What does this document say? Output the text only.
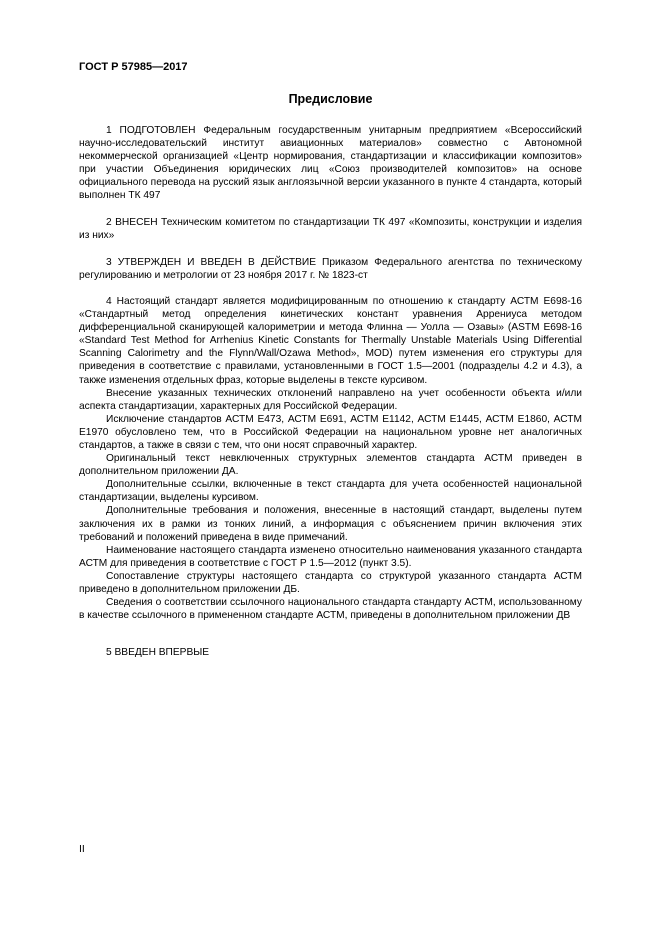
ГОСТ Р 57985—2017
Предисловие

1 ПОДГОТОВЛЕН Федеральным государственным унитарным предприятием «Всероссийский научно-исследовательский институт авиационных материалов» совместно с Автономной некоммерческой организацией «Центр нормирования, стандартизации и классификации композитов» при участии Объединения юридических лиц «Союз производителей композитов» на основе официального перевода на русский язык англоязычной версии указанного в пункте 4 стандарта, который выполнен ТК 497

2 ВНЕСЕН Техническим комитетом по стандартизации ТК 497 «Композиты, конструкции и изделия из них»

3 УТВЕРЖДЕН И ВВЕДЕН В ДЕЙСТВИЕ Приказом Федерального агентства по техническому регулированию и метрологии от 23 ноября 2017 г. № 1823-ст

4 Настоящий стандарт является модифицированным по отношению к стандарту АСТМ Е698-16 «Стандартный метод определения кинетических констант уравнения Аррениуса методом дифференциальной сканирующей калориметрии и метода Флинна — Уолла — Озавы» (ASTM E698-16 «Standard Test Method for Arrhenius Kinetic Constants for Thermally Unstable Materials Using Differential Scanning Calorimetry and the Flynn/Wall/Ozawa Method», MOD) путем изменения его структуры для приведения в соответствие с правилами, установленными в ГОСТ 1.5—2001 (подразделы 4.2 и 4.3), а также изменения отдельных фраз, которые выделены в тексте курсивом.

Внесение указанных технических отклонений направлено на учет особенности объекта и/или аспекта стандартизации, характерных для Российской Федерации.

Исключение стандартов АСТМ Е473, АСТМ Е691, АСТМ Е1142, АСТМ Е1445, АСТМ Е1860, АСТМ Е1970 обусловлено тем, что в Российской Федерации на национальном уровне нет аналогичных стандартов, а также в связи с тем, что они носят справочный характер.

Оригинальный текст невключенных структурных элементов стандарта АСТМ приведен в дополнительном приложении ДА.

Дополнительные ссылки, включенные в текст стандарта для учета особенностей национальной стандартизации, выделены курсивом.

Дополнительные требования и положения, внесенные в настоящий стандарт, выделены путем заключения их в рамки из тонких линий, а информация с объяснением причин включения этих требований и положений приведена в виде примечаний.

Наименование настоящего стандарта изменено относительно наименования указанного стандарта АСТМ для приведения в соответствие с ГОСТ Р 1.5—2012 (пункт 3.5).

Сопоставление структуры настоящего стандарта со структурой указанного стандарта АСТМ приведено в дополнительном приложении ДБ.

Сведения о соответствии ссылочного национального стандарта стандарту АСТМ, использованному в качестве ссылочного в примененном стандарте АСТМ, приведены в дополнительном приложении ДВ

5 ВВЕДЕН ВПЕРВЫЕ

II
